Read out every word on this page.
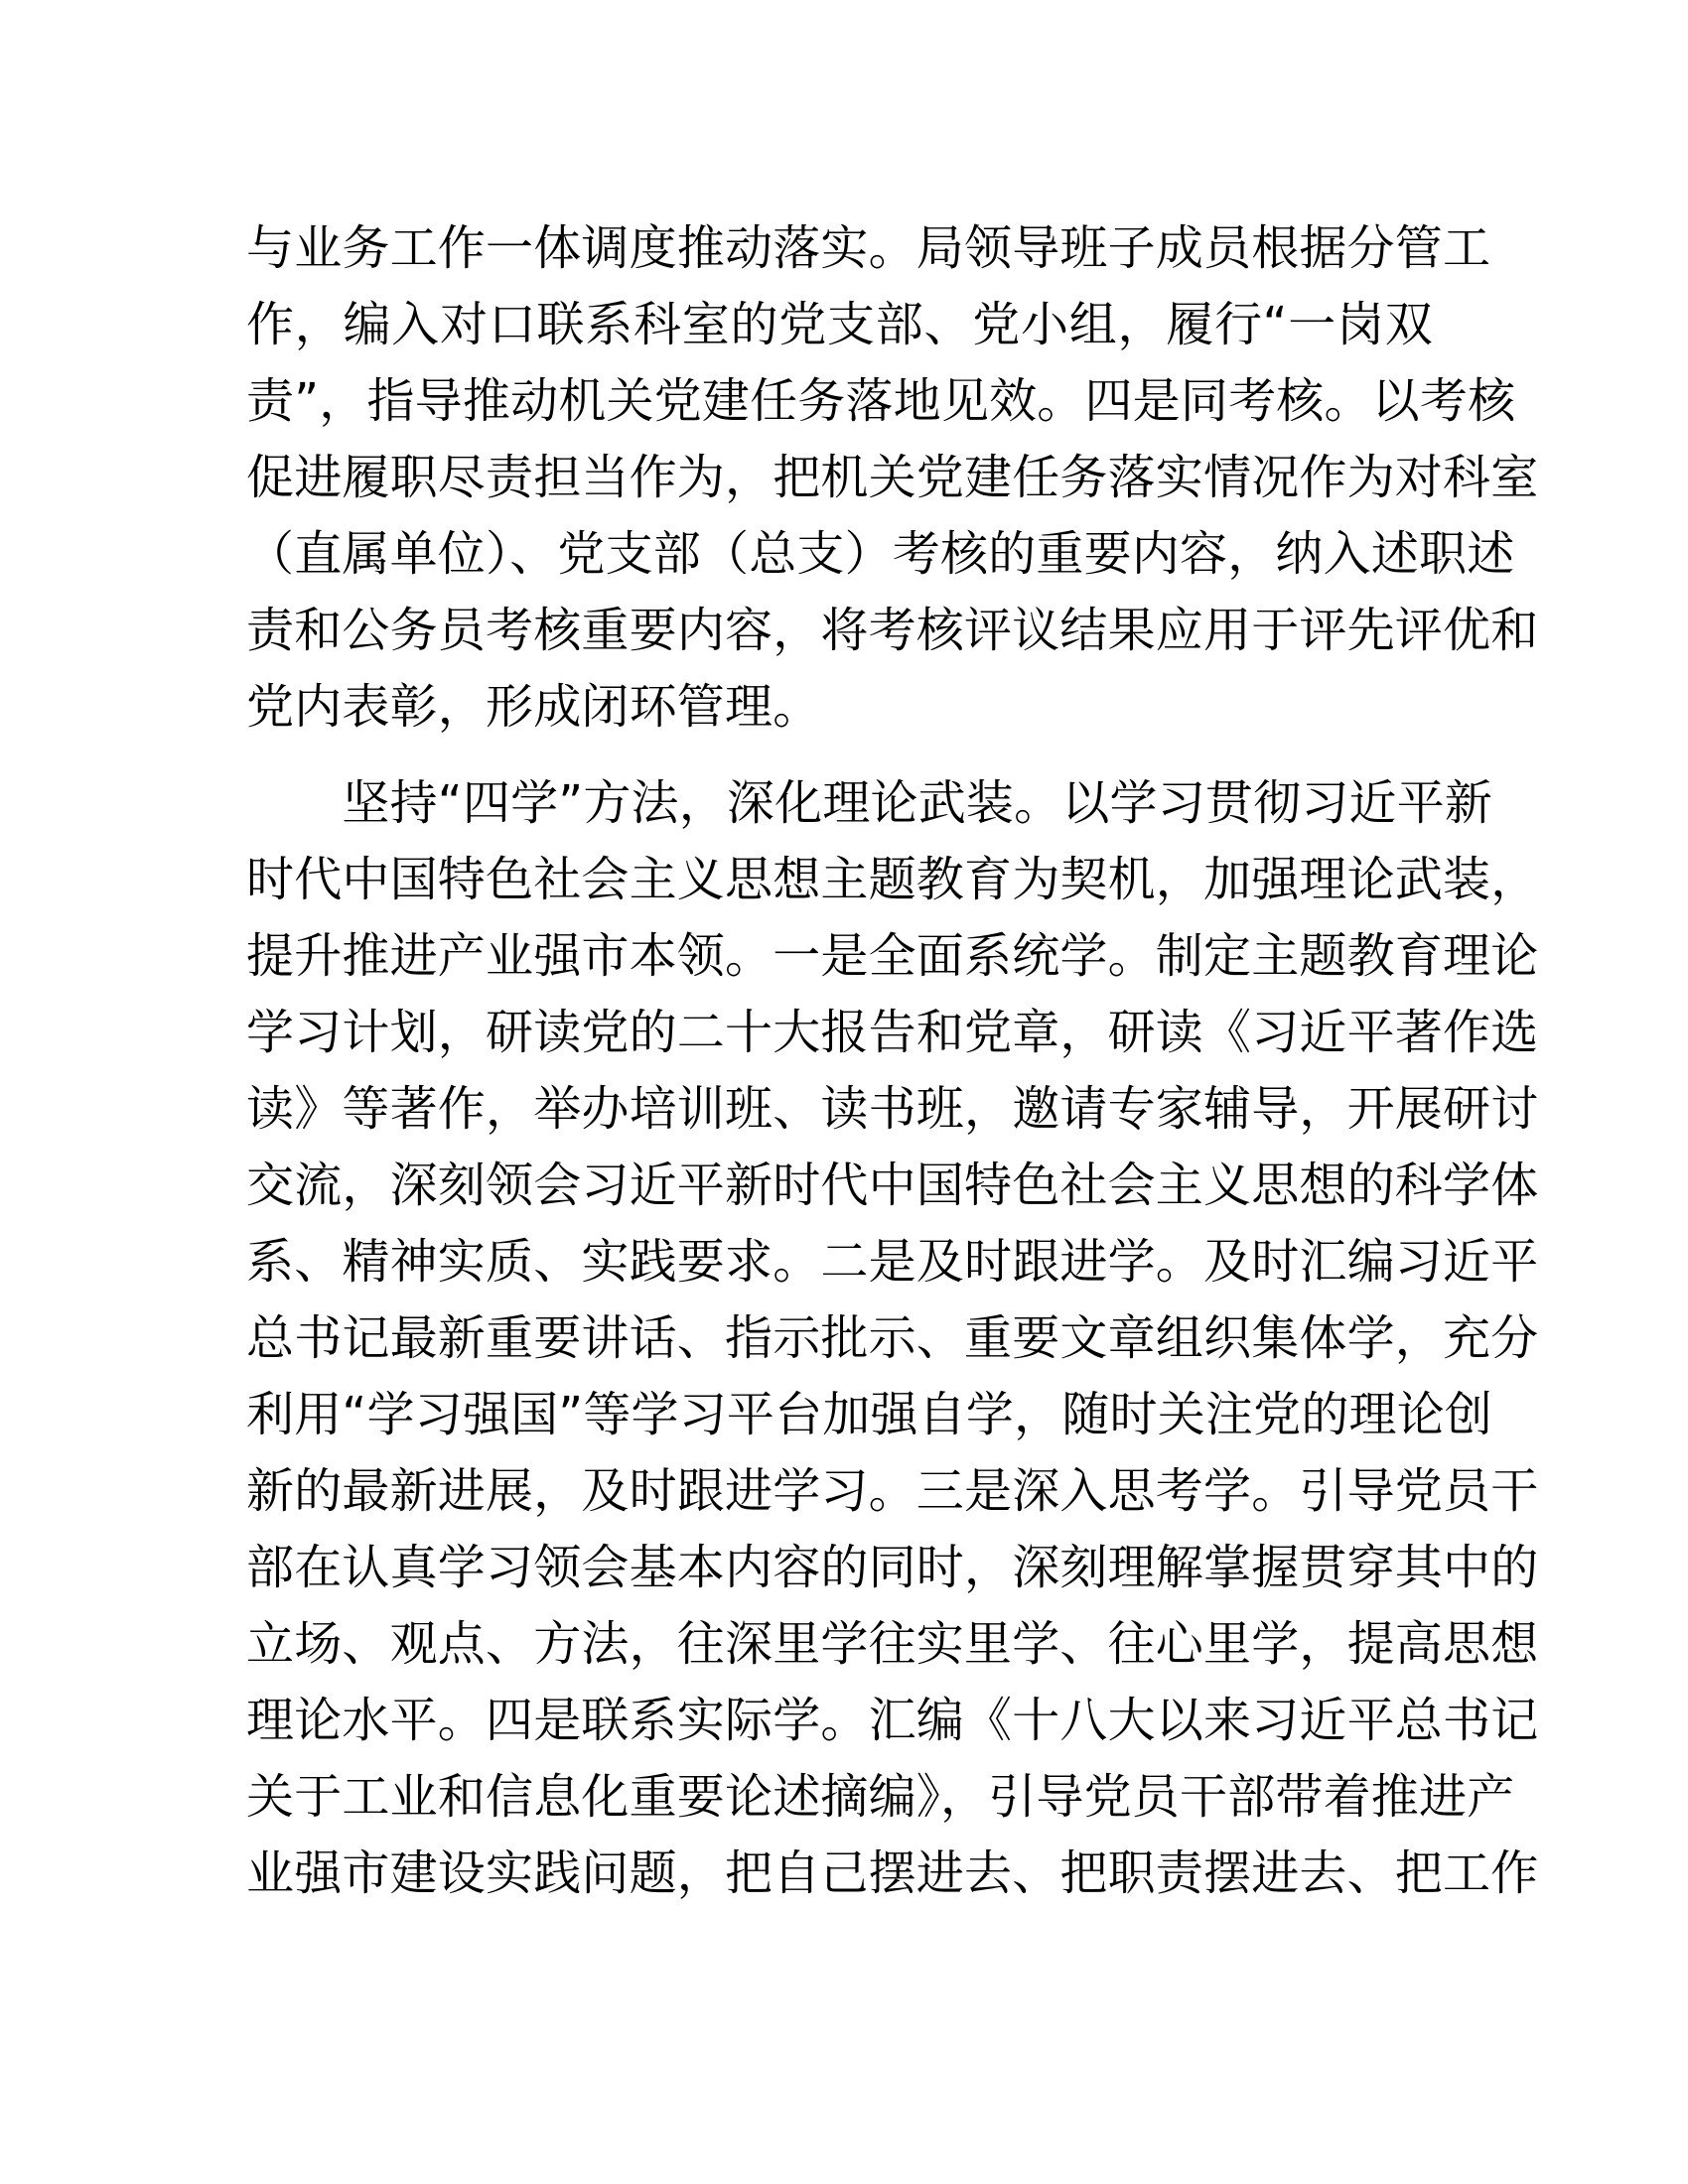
与业务工作一体调度推动落实。局领导班子成员根据分管工
作，编入对口联系科室的党支部、党小组，履行“一岗双
责”，指导推动机关党建任务落地见效。四是同考核。以考核
促进履职尽责担当作为，把机关党建任务落实情况作为对科室
（直属单位）、党支部（总支）考核的重要内容，纳入述职述
责和公务员考核重要内容，将考核评议结果应用于评先评优和
党内表彰，形成闭环管理。
　　坚持“四学”方法，深化理论武装。以学习贯彻习近平新
时代中国特色社会主义思想主题教育为契机，加强理论武装，
提升推进产业强市本领。一是全面系统学。制定主题教育理论
学习计划，研读党的二十大报告和党章，研读《习近平著作选
读》等著作，举办培训班、读书班，邀请专家辅导，开展研讨
交流，深刻领会习近平新时代中国特色社会主义思想的科学体
系、精神实质、实践要求。二是及时跟进学。及时汇编习近平
总书记最新重要讲话、指示批示、重要文章组织集体学，充分
利用“学习强国”等学习平台加强自学，随时关注党的理论创
新的最新进展，及时跟进学习。三是深入思考学。引导党员干
部在认真学习领会基本内容的同时，深刻理解掌握贯穿其中的
立场、观点、方法，往深里学往实里学、往心里学，提高思想
理论水平。四是联系实际学。汇编《十八大以来习近平总书记
关于工业和信息化重要论述摘编》，引导党员干部带着推进产
业强市建设实践问题，把自己摆进去、把职责摆进去、把工作
